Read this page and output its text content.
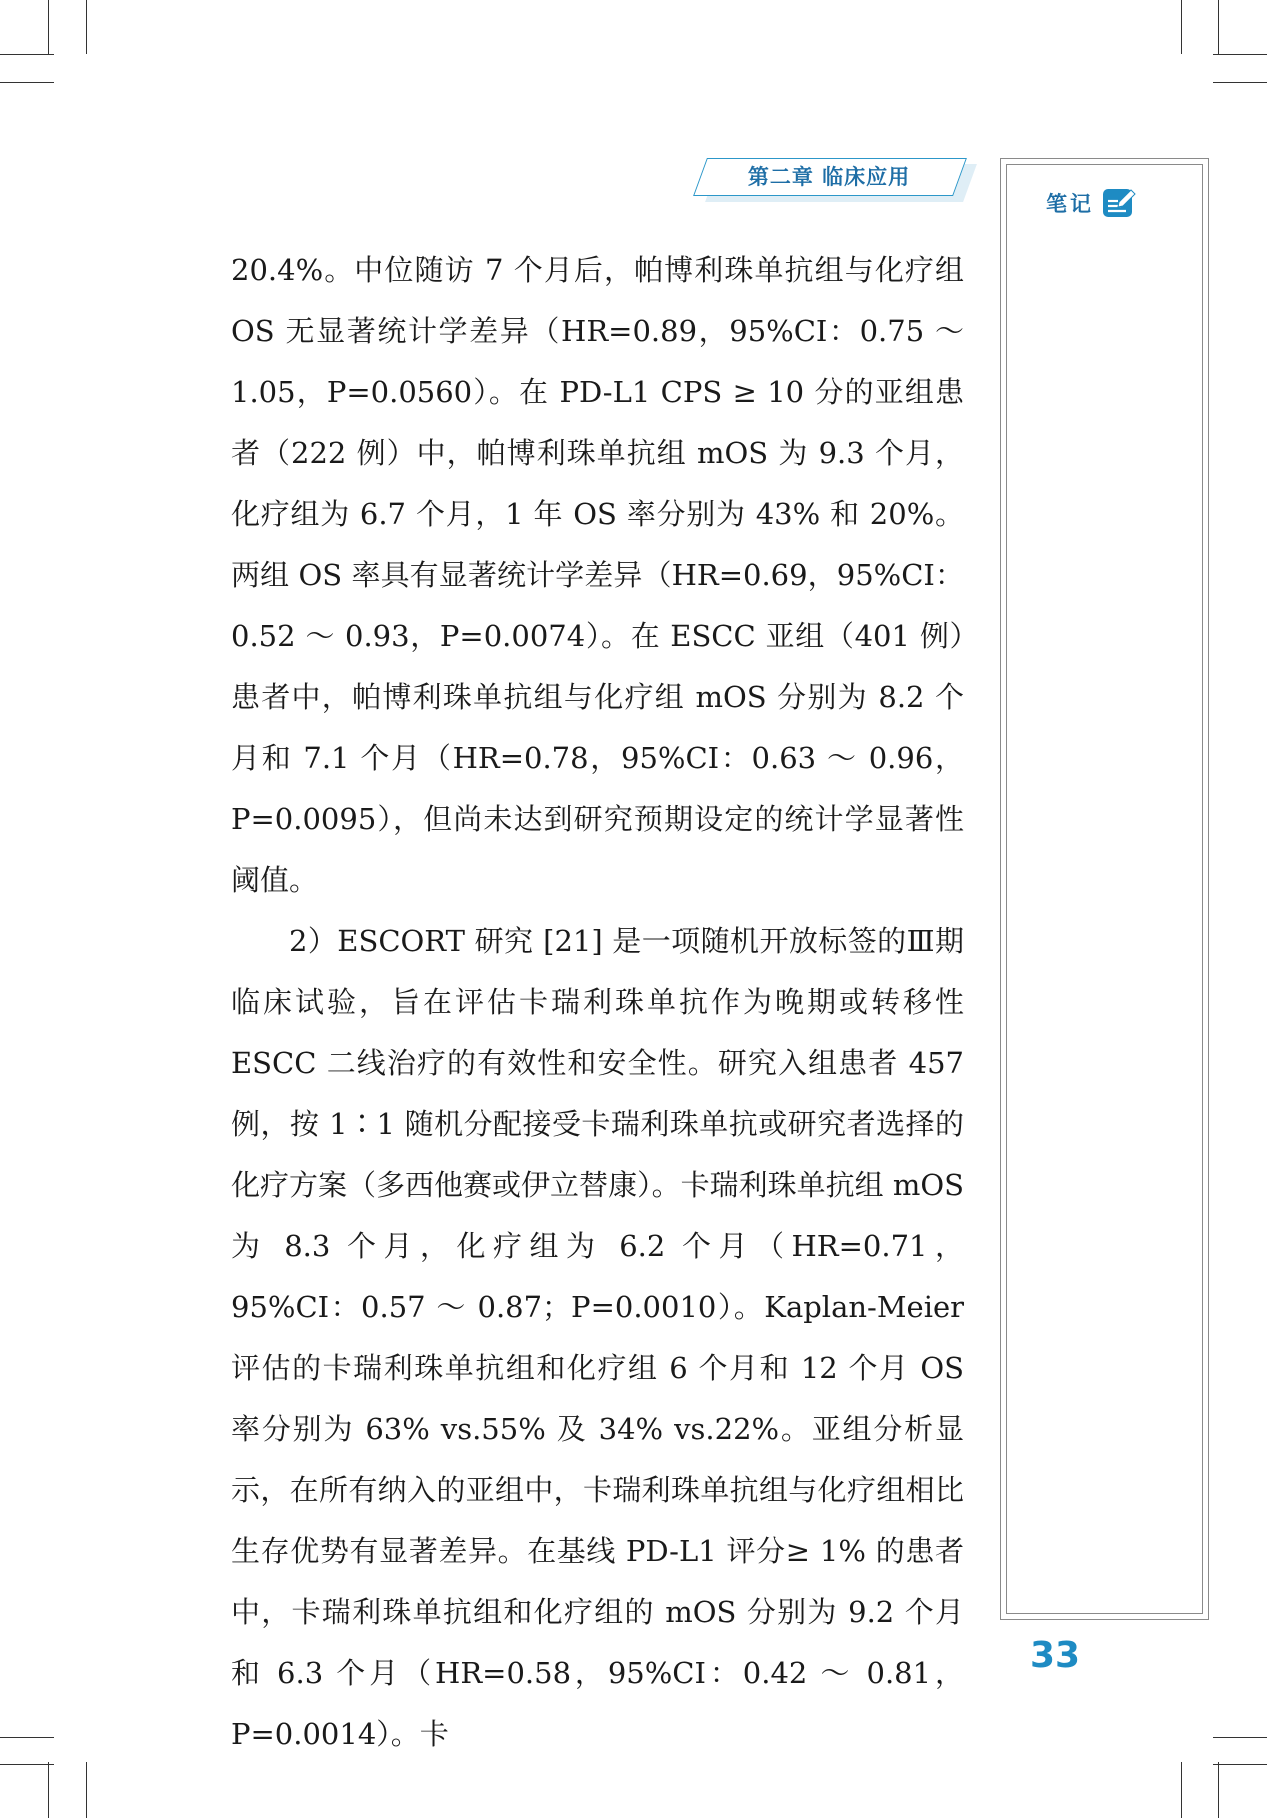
第二章 临床应用
笔记

20.4%。中位随访 7 个月后，帕博利珠单抗组与化疗组 OS 无显著统计学差异（HR=0.89，95%CI：0.75 ～ 1.05，P=0.0560）。在 PD-L1 CPS ≥ 10 分的亚组患者（222 例）中，帕博利珠单抗组 mOS 为 9.3 个月，化疗组为 6.7 个月，1 年 OS 率分别为 43% 和 20%。两组 OS 率具有显著统计学差异（HR=0.69，95%CI：0.52 ～ 0.93，P=0.0074）。在 ESCC 亚组（401 例）患者中，帕博利珠单抗组与化疗组 mOS 分别为 8.2 个月和 7.1 个月（HR=0.78，95%CI：0.63 ～ 0.96，P=0.0095），但尚未达到研究预期设定的统计学显著性阈值。

2）ESCORT 研究 [21] 是一项随机开放标签的Ⅲ期临床试验，旨在评估卡瑞利珠单抗作为晚期或转移性 ESCC 二线治疗的有效性和安全性。研究入组患者 457 例，按 1∶1 随机分配接受卡瑞利珠单抗或研究者选择的化疗方案（多西他赛或伊立替康）。卡瑞利珠单抗组 mOS 为 8.3 个月，化疗组为 6.2 个月（HR=0.71，95%CI：0.57 ～ 0.87；P=0.0010）。Kaplan-Meier 评估的卡瑞利珠单抗组和化疗组 6 个月和 12 个月 OS 率分别为 63% vs.55% 及 34% vs.22%。亚组分析显示，在所有纳入的亚组中，卡瑞利珠单抗组与化疗组相比生存优势有显著差异。在基线 PD-L1 评分≥ 1% 的患者中，卡瑞利珠单抗组和化疗组的 mOS 分别为 9.2 个月和 6.3 个月（HR=0.58，95%CI：0.42 ～ 0.81，P=0.0014）。卡

33
